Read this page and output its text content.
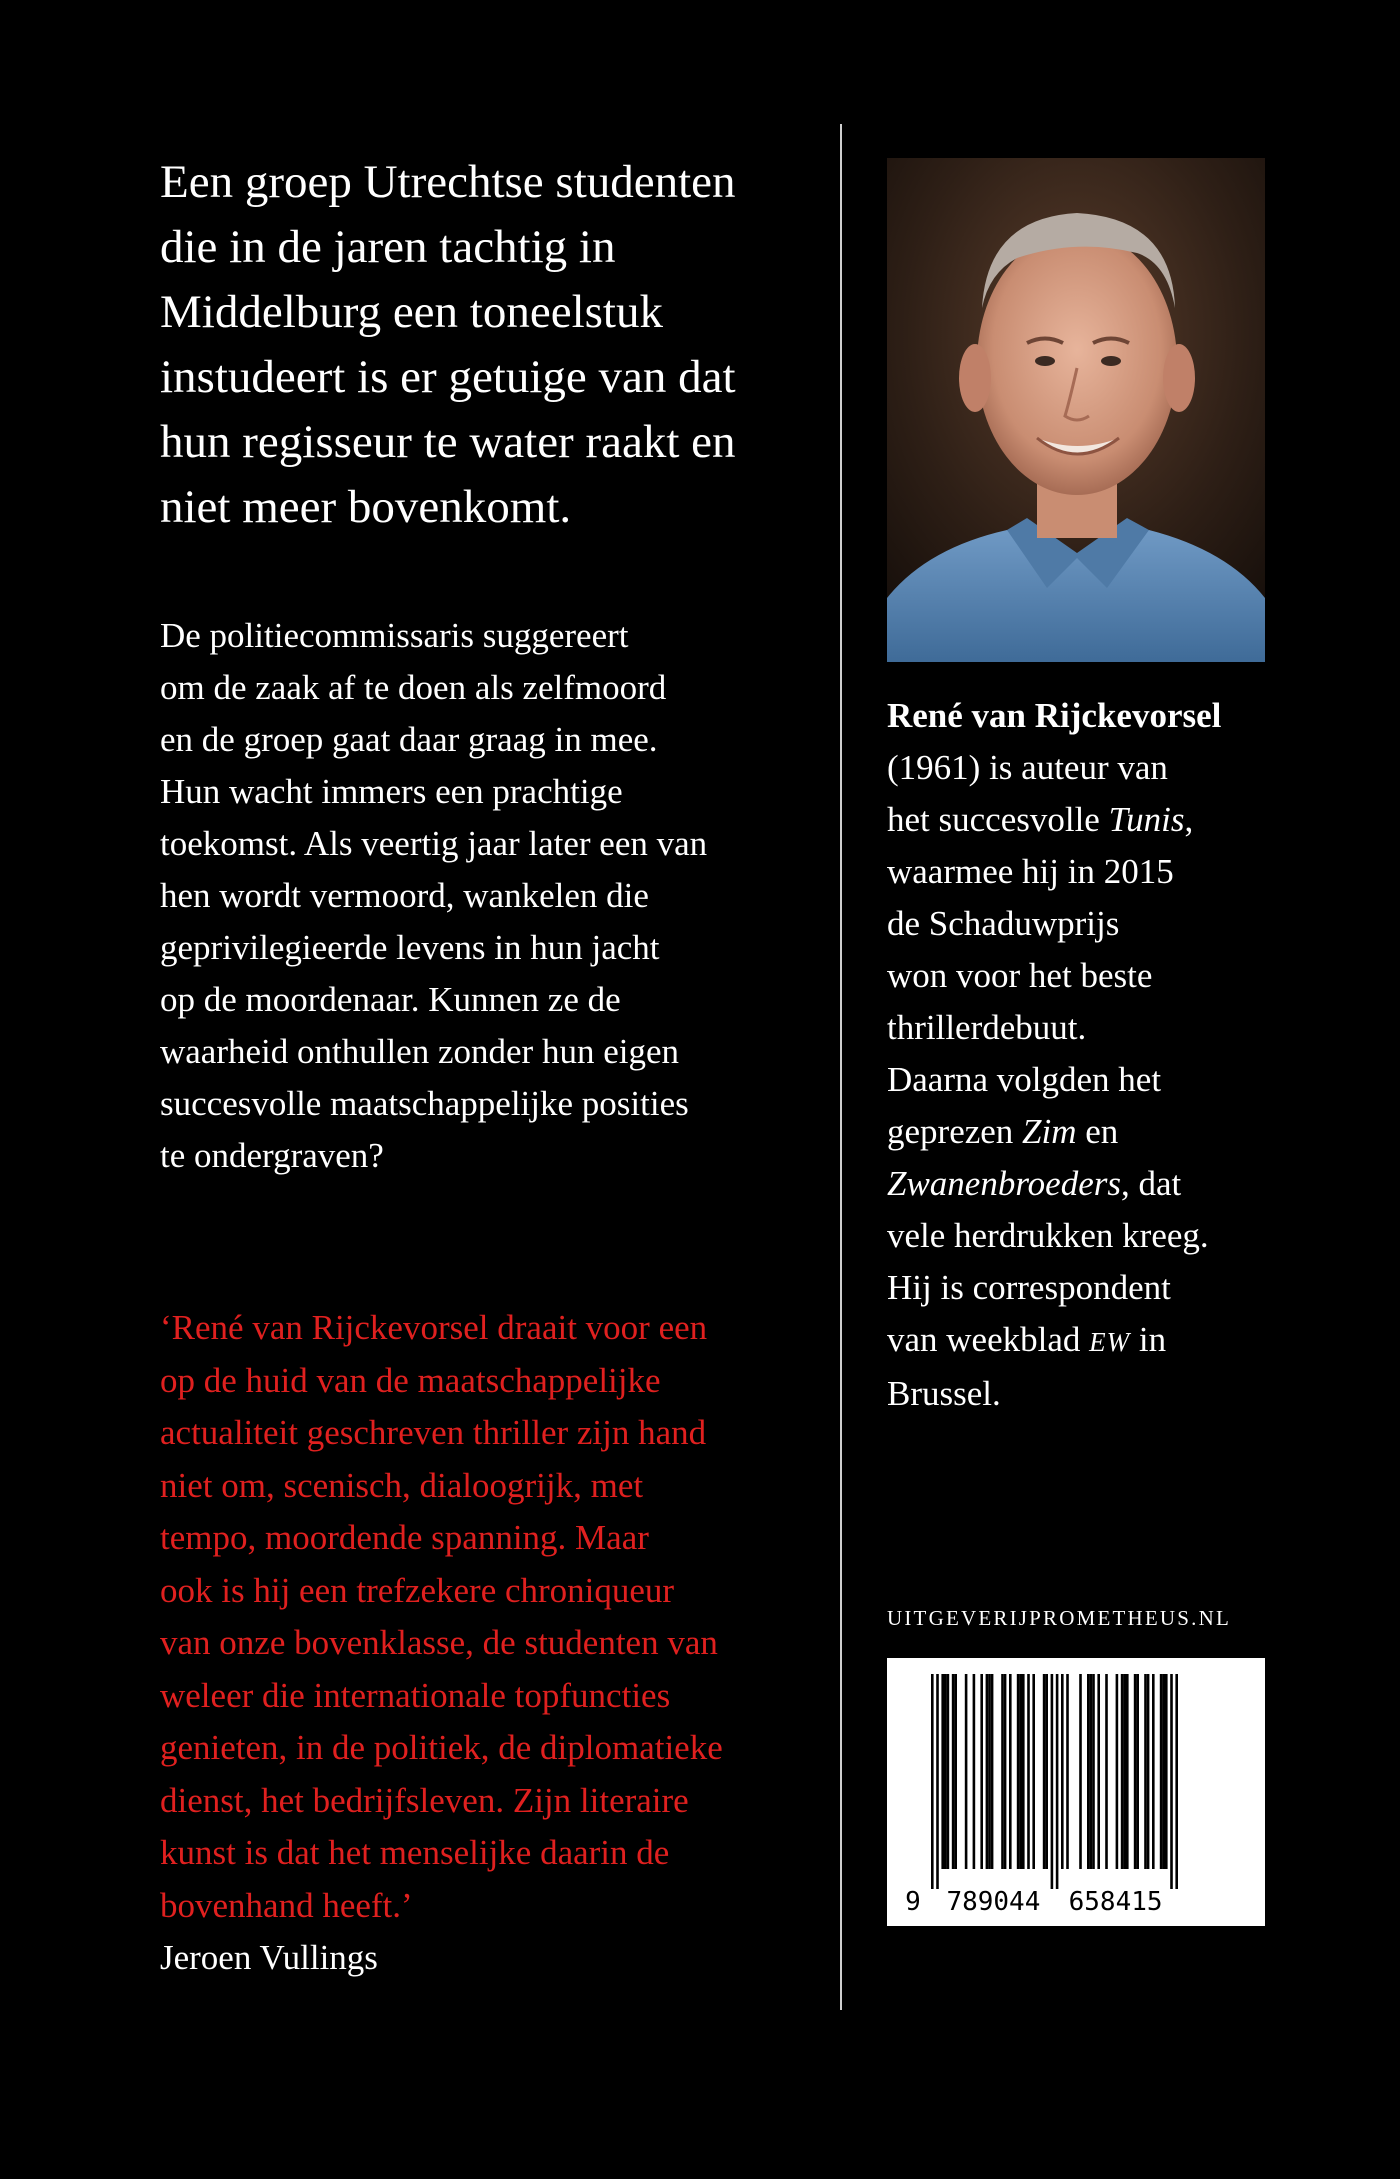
Een groep Utrechtse studenten
die in de jaren tachtig in
Middelburg een toneelstuk
instudeert is er getuige van dat
hun regisseur te water raakt en
niet meer bovenkomt.

De politiecommissaris suggereert
om de zaak af te doen als zelfmoord
en de groep gaat daar graag in mee.
Hun wacht immers een prachtige
toekomst. Als veertig jaar later een van
hen wordt vermoord, wankelen die
geprivilegieerde levens in hun jacht
op de moordenaar. Kunnen ze de
waarheid onthullen zonder hun eigen
succesvolle maatschappelijke posities
te ondergraven?

‘René van Rijckevorsel draait voor een
op de huid van de maatschappelijke
actualiteit geschreven thriller zijn hand
niet om, scenisch, dialoogrijk, met
tempo, moordende spanning. Maar
ook is hij een trefzekere chroniqueur
van onze bovenklasse, de studenten van
weleer die internationale topfuncties
genieten, in de politiek, de diplomatieke
dienst, het bedrijfsleven. Zijn literaire
kunst is dat het menselijke daarin de
bovenhand heeft.’

Jeroen Vullings

René van Rijckevorsel
(1961) is auteur van
het succesvolle Tunis,
waarmee hij in 2015
de Schaduwprijs
won voor het beste
thrillerdebuut.
Daarna volgden het
geprezen Zim en
Zwanenbroeders, dat
vele herdrukken kreeg.
Hij is correspondent
van weekblad EW in
Brussel.
UITGEVERIJPROMETHEUS.NL
9 789044 658415
